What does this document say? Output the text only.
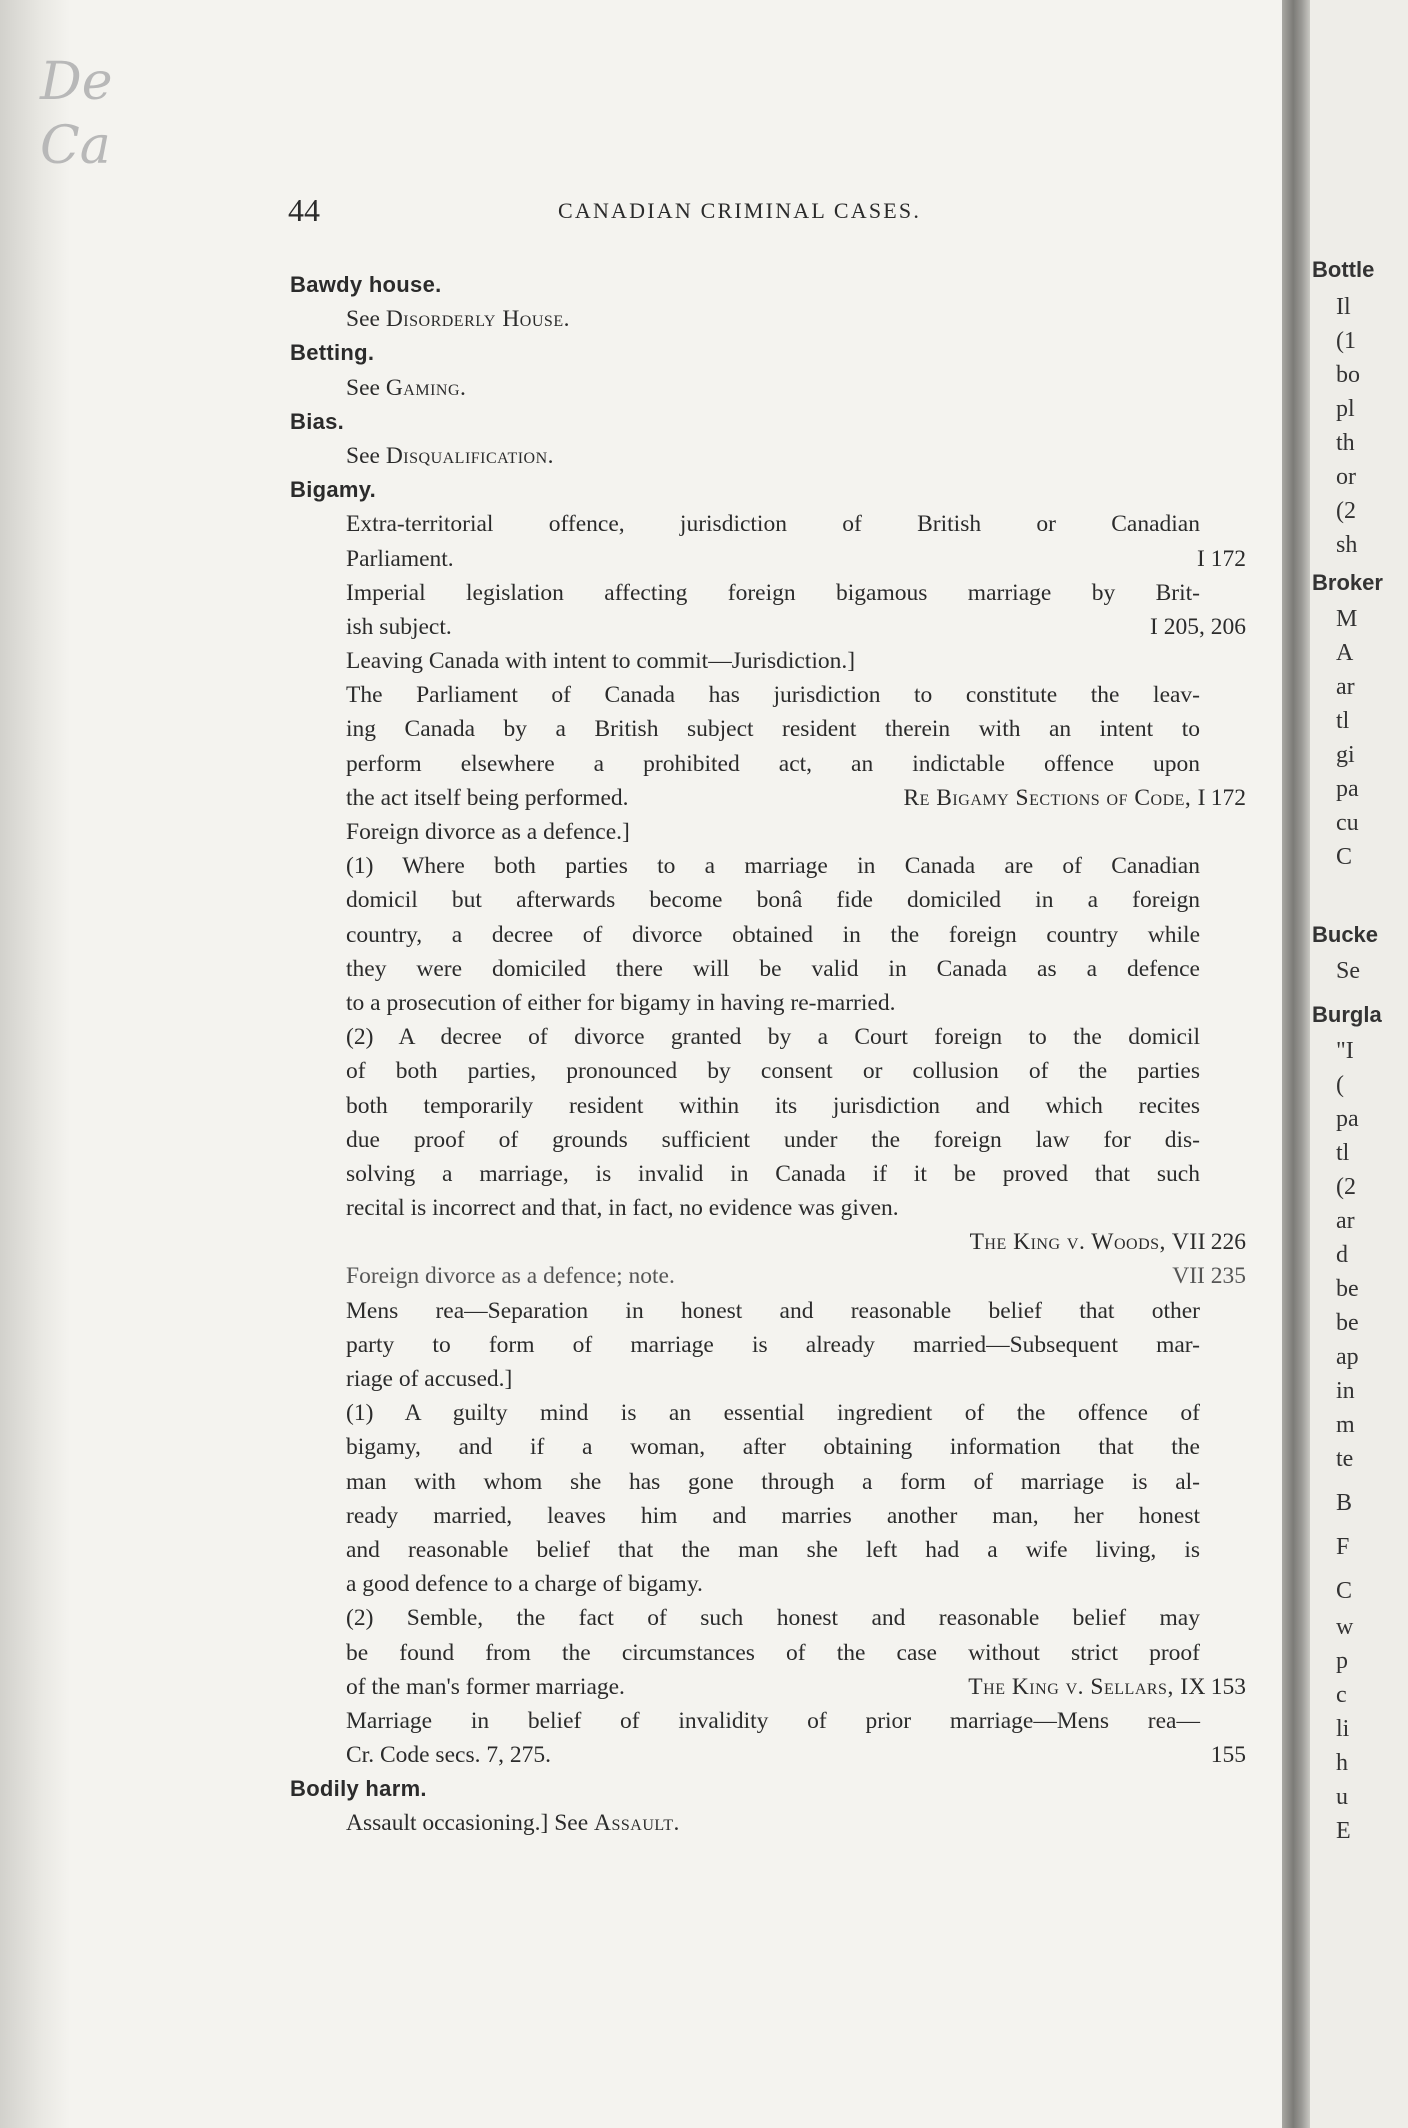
De
Ca
44	CANADIAN CRIMINAL CASES.
Bawdy house.
See Disorderly House.
Betting.
See Gaming.
Bias.
See Disqualification.
Bigamy.
Extra-territorial offence, jurisdiction of British or Canadian
Parliament.	I 172
Imperial legislation affecting foreign bigamous marriage by Brit-
ish subject.	I 205, 206
Leaving Canada with intent to commit—Jurisdiction.]
The Parliament of Canada has jurisdiction to constitute the leav-
ing Canada by a British subject resident therein with an intent to
perform elsewhere a prohibited act, an indictable offence upon
the act itself being performed.	Re Bigamy Sections of Code, I 172
Foreign divorce as a defence.]
(1) Where both parties to a marriage in Canada are of Canadian
domicil but afterwards become bonâ fide domiciled in a foreign
country, a decree of divorce obtained in the foreign country while
they were domiciled there will be valid in Canada as a defence
to a prosecution of either for bigamy in having re-married.
(2) A decree of divorce granted by a Court foreign to the domicil
of both parties, pronounced by consent or collusion of the parties
both temporarily resident within its jurisdiction and which recites
due proof of grounds sufficient under the foreign law for dis-
solving a marriage, is invalid in Canada if it be proved that such
recital is incorrect and that, in fact, no evidence was given.
The King v. Woods, VII 226
Foreign divorce as a defence; note.	VII 235
Mens rea—Separation in honest and reasonable belief that other
party to form of marriage is already married—Subsequent mar-
riage of accused.]
(1) A guilty mind is an essential ingredient of the offence of
bigamy, and if a woman, after obtaining information that the
man with whom she has gone through a form of marriage is al-
ready married, leaves him and marries another man, her honest
and reasonable belief that the man she left had a wife living, is
a good defence to a charge of bigamy.
(2) Semble, the fact of such honest and reasonable belief may
be found from the circumstances of the case without strict proof
of the man's former marriage.	The King v. Sellars, IX 153
Marriage in belief of invalidity of prior marriage—Mens rea—
Cr. Code secs. 7, 275.	155
Bodily harm.
Assault occasioning.] See Assault.
Bottle
Il
(1
bo
pl
th
or
(2
sh
Broker
M
A
ar
tl
gi
pa
cu
C
Bucke
Se
Burgla
"I
(
pa
tl
(2
ar
d
be
be
ap
in
m
te
B
F
C
w
p
c
li
h
u
E
